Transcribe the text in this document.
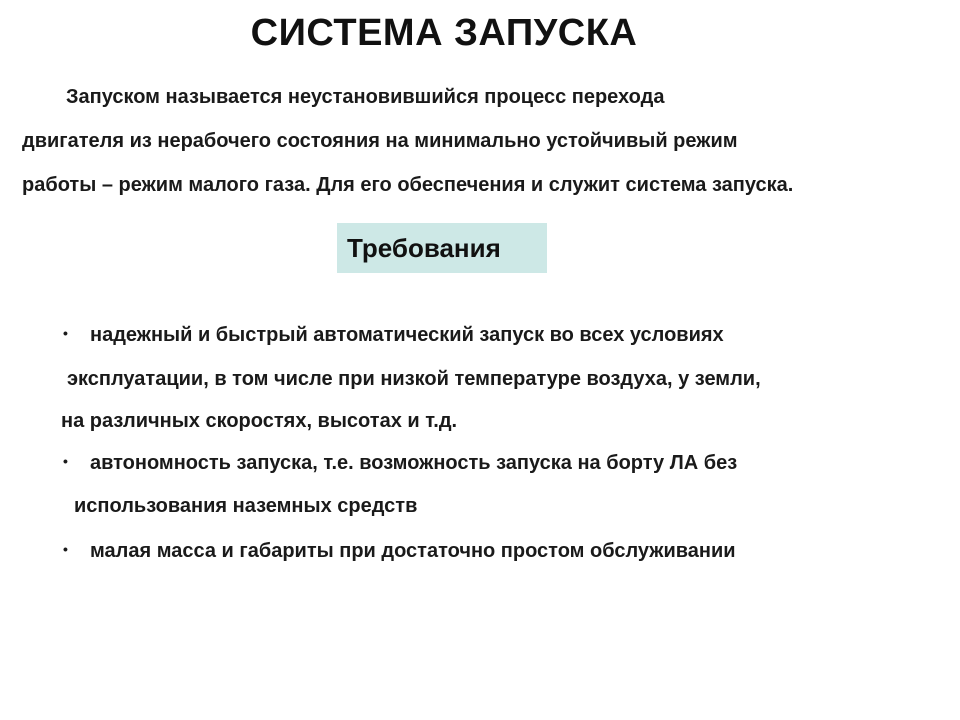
СИСТЕМА ЗАПУСКА
Запуском называется неустановившийся процесс перехода
двигателя из нерабочего состояния на минимально устойчивый режим
работы – режим малого газа. Для его обеспечения и служит система запуска.
Требования
• надежный и быстрый автоматический запуск во всех условиях
эксплуатации, в том числе при низкой температуре воздуха, у земли,
на различных скоростях, высотах и т.д.
• автономность запуска, т.е. возможность запуска на борту ЛА без
использования наземных средств
• малая масса и габариты при достаточно простом обслуживании
